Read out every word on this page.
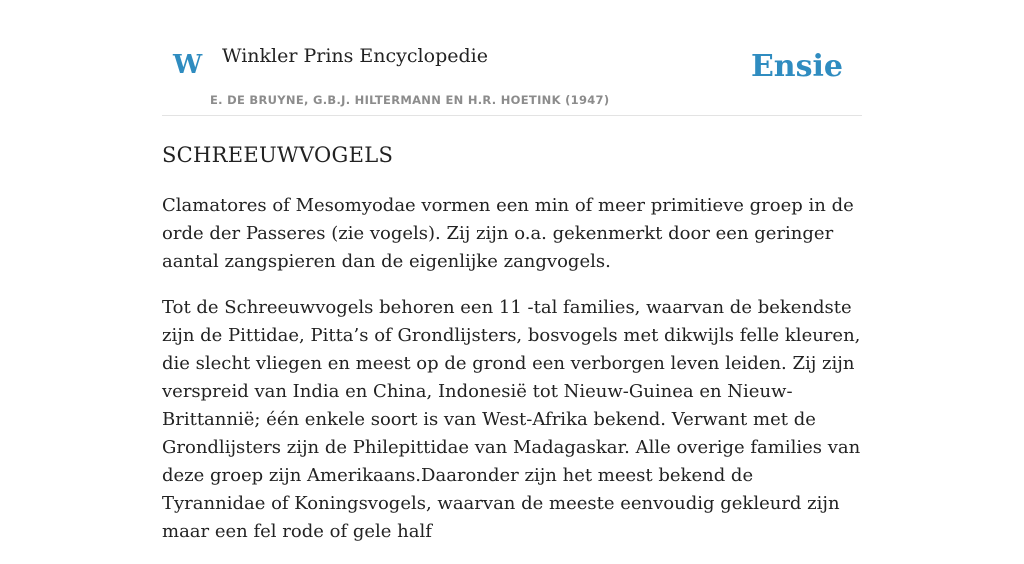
W Winkler Prins Encyclopedie
E. DE BRUYNE, G.B.J. HILTERMANN EN H.R. HOETINK (1947)
Ensie
SCHREEUWVOGELS

Clamatores of Mesomyodae vormen een min of meer primitieve groep in de orde der Passeres (zie vogels). Zij zijn o.a. gekenmerkt door een geringer aantal zangspieren dan de eigenlijke zangvogels.

Tot de Schreeuwvogels behoren een 11 -tal families, waarvan de bekendste zijn de Pittidae, Pitta’s of Grondlijsters, bosvogels met dikwijls felle kleuren, die slecht vliegen en meest op de grond een verborgen leven leiden. Zij zijn verspreid van India en China, Indonesië tot Nieuw-Guinea en Nieuw-Brittannië; één enkele soort is van West-Afrika bekend. Verwant met de Grondlijsters zijn de Philepittidae van Madagaskar. Alle overige families van deze groep zijn Amerikaans.Daaronder zijn het meest bekend de Tyrannidae of Koningsvogels, waarvan de meeste eenvoudig gekleurd zijn maar een fel rode of gele half
